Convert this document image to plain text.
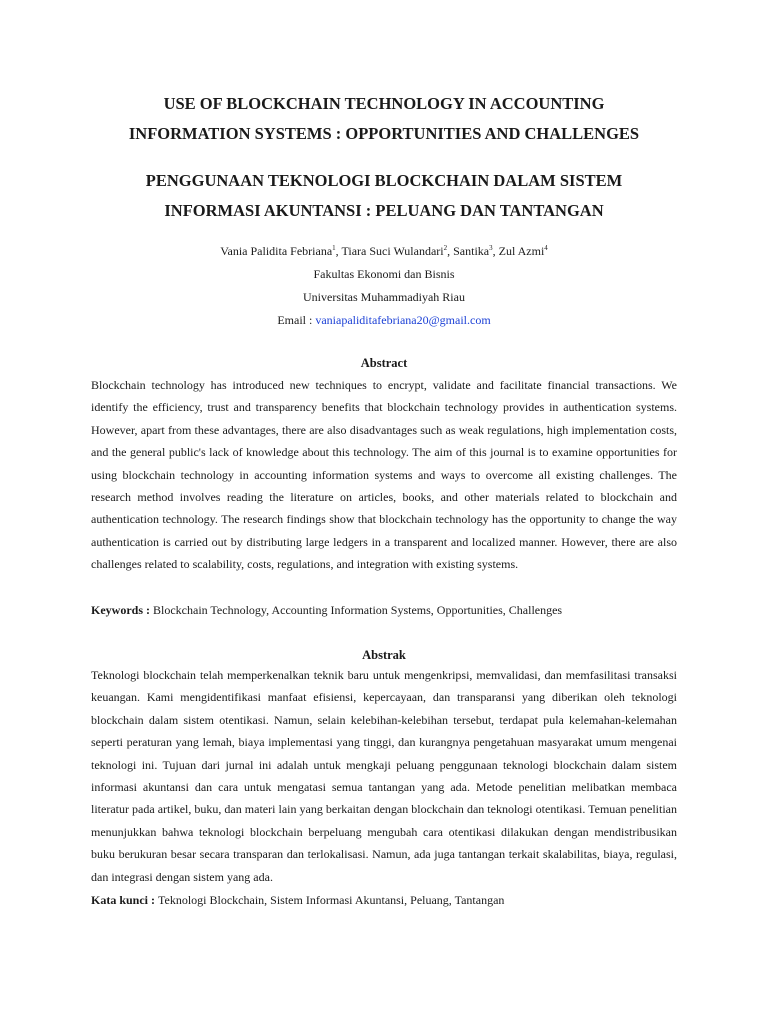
USE OF BLOCKCHAIN TECHNOLOGY IN ACCOUNTING
INFORMATION SYSTEMS : OPPORTUNITIES AND CHALLENGES

PENGGUNAAN TEKNOLOGI BLOCKCHAIN DALAM SISTEM
INFORMASI AKUNTANSI : PELUANG DAN TANTANGAN

Vania Palidita Febriana$^1$, Tiara Suci Wulandari$^2$, Santika$^3$, Zul Azmi$^4$

Fakultas Ekonomi dan Bisnis

Universitas Muhammadiyah Riau

Email : vaniapaliditafebriana20@gmail.com

Abstract

Blockchain technology has introduced new techniques to encrypt, validate and facilitate financial transactions. We identify the efficiency, trust and transparency benefits that blockchain technology provides in authentication systems. However, apart from these advantages, there are also disadvantages such as weak regulations, high implementation costs, and the general public's lack of knowledge about this technology. The aim of this journal is to examine opportunities for using blockchain technology in accounting information systems and ways to overcome all existing challenges. The research method involves reading the literature on articles, books, and other materials related to blockchain and authentication technology. The research findings show that blockchain technology has the opportunity to change the way authentication is carried out by distributing large ledgers in a transparent and localized manner. However, there are also challenges related to scalability, costs, regulations, and integration with existing systems.

Keywords : Blockchain Technology, Accounting Information Systems, Opportunities, Challenges

Abstrak

Teknologi blockchain telah memperkenalkan teknik baru untuk mengenkripsi, memvalidasi, dan memfasilitasi transaksi keuangan. Kami mengidentifikasi manfaat efisiensi, kepercayaan, dan transparansi yang diberikan oleh teknologi blockchain dalam sistem otentikasi. Namun, selain kelebihan-kelebihan tersebut, terdapat pula kelemahan-kelemahan seperti peraturan yang lemah, biaya implementasi yang tinggi, dan kurangnya pengetahuan masyarakat umum mengenai teknologi ini. Tujuan dari jurnal ini adalah untuk mengkaji peluang penggunaan teknologi blockchain dalam sistem informasi akuntansi dan cara untuk mengatasi semua tantangan yang ada. Metode penelitian melibatkan membaca literatur pada artikel, buku, dan materi lain yang berkaitan dengan blockchain dan teknologi otentikasi. Temuan penelitian menunjukkan bahwa teknologi blockchain berpeluang mengubah cara otentikasi dilakukan dengan mendistribusikan buku berukuran besar secara transparan dan terlokalisasi. Namun, ada juga tantangan terkait skalabilitas, biaya, regulasi, dan integrasi dengan sistem yang ada.

Kata kunci : Teknologi Blockchain, Sistem Informasi Akuntansi, Peluang, Tantangan
